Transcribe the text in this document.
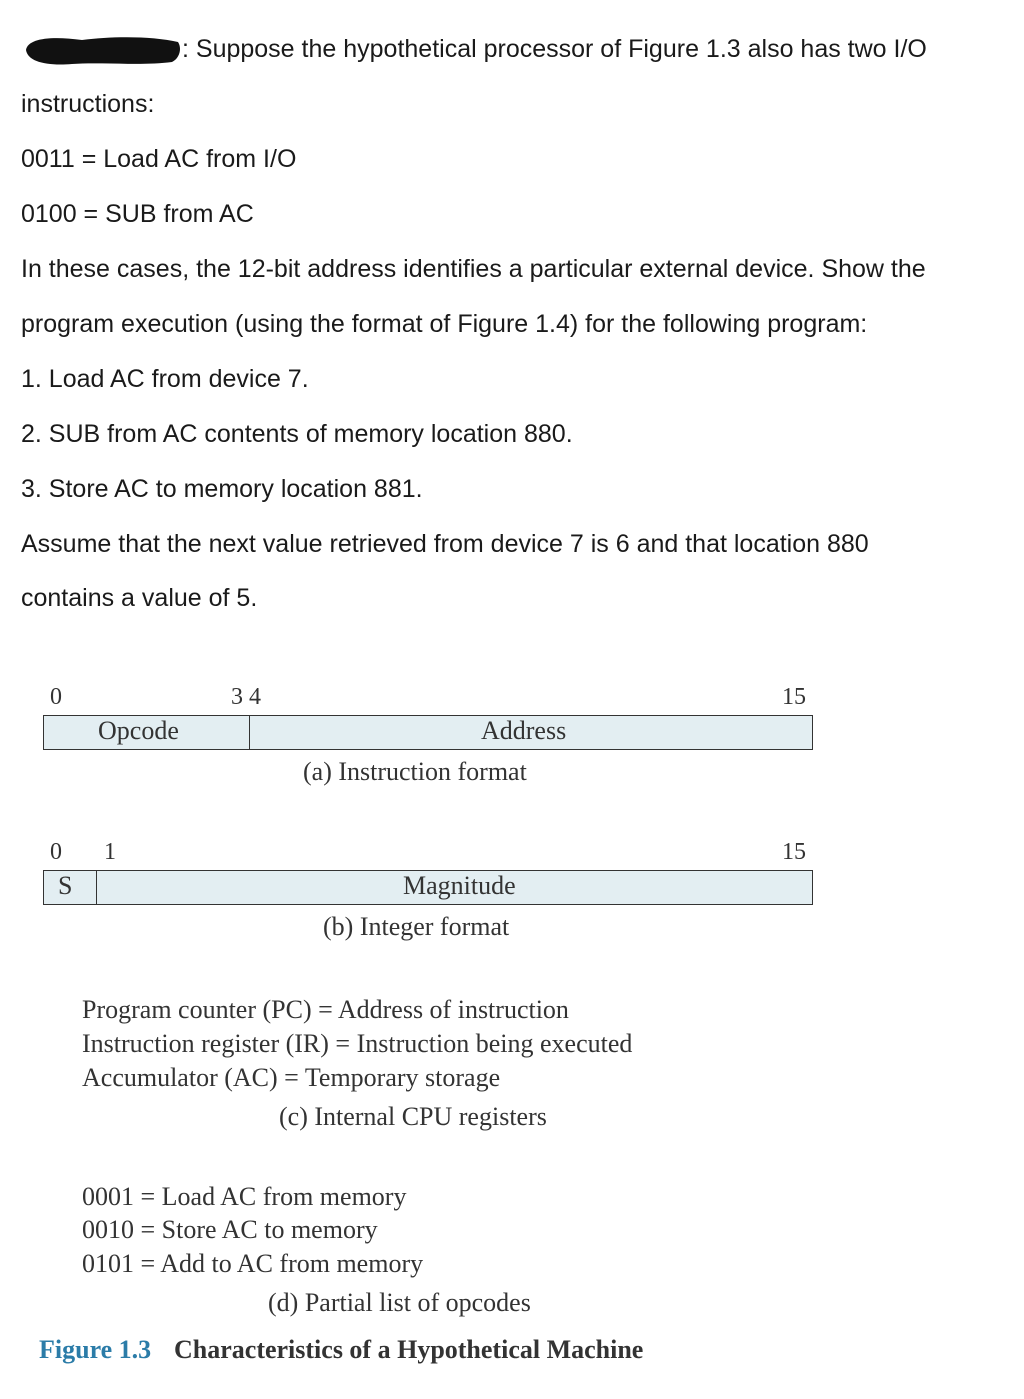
: Suppose the hypothetical processor of Figure 1.3 also has two I/O
instructions:
0011 = Load AC from I/O
0100 = SUB from AC
In these cases, the 12-bit address identifies a particular external device. Show the
program execution (using the format of Figure 1.4) for the following program:
1. Load AC from device 7.
2. SUB from AC contents of memory location 880.
3. Store AC to memory location 881.
Assume that the next value retrieved from device 7 is 6 and that location 880
contains a value of 5.
0	3 4	15
Opcode	Address
(a) Instruction format
0 1	15
S	Magnitude
(b) Integer format
Program counter (PC) = Address of instruction
Instruction register (IR) = Instruction being executed
Accumulator (AC) = Temporary storage
(c) Internal CPU registers
0001 = Load AC from memory
0010 = Store AC to memory
0101 = Add to AC from memory
(d) Partial list of opcodes
Figure 1.3 Characteristics of a Hypothetical Machine
